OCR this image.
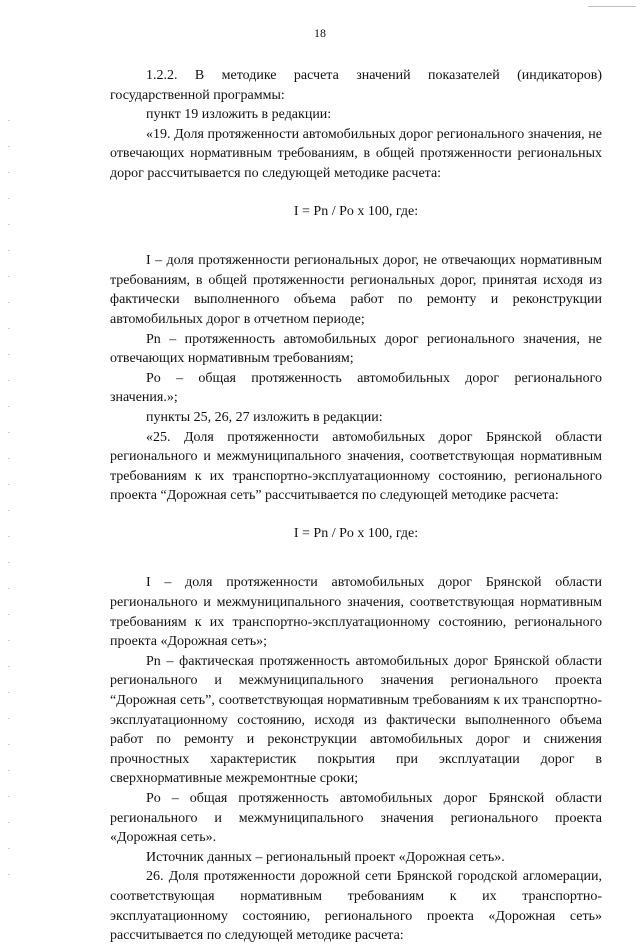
18

1.2.2. В методике расчета значений показателей (индикаторов) государственной программы:

пункт 19 изложить в редакции:

«19. Доля протяженности автомобильных дорог регионального значения, не отвечающих нормативным требованиям, в общей протяженности региональных дорог рассчитывается по следующей методике расчета:

I = Pn / Po x 100, где:

I – доля протяженности региональных дорог, не отвечающих нормативным требованиям, в общей протяженности региональных дорог, принятая исходя из фактически выполненного объема работ по ремонту и реконструкции автомобильных дорог в отчетном периоде;

Pn – протяженность автомобильных дорог регионального значения, не отвечающих нормативным требованиям;

Po – общая протяженность автомобильных дорог регионального значения.»;

пункты 25, 26, 27 изложить в редакции:

«25. Доля протяженности автомобильных дорог Брянской области регионального и межмуниципального значения, соответствующая нормативным требованиям к их транспортно-эксплуатационному состоянию, регионального проекта “Дорожная сеть” рассчитывается по следующей методике расчета:

I = Pn / Po x 100, где:

I – доля протяженности автомобильных дорог Брянской области регионального и межмуниципального значения, соответствующая нормативным требованиям к их транспортно-эксплуатационному состоянию, регионального проекта «Дорожная сеть»;

Pn – фактическая протяженность автомобильных дорог Брянской области регионального и межмуниципального значения регионального проекта “Дорожная сеть”, соответствующая нормативным требованиям к их транспортно-эксплуатационному состоянию, исходя из фактически выполненного объема работ по ремонту и реконструкции автомобильных дорог и снижения прочностных характеристик покрытия при эксплуатации дорог в сверхнормативные межремонтные сроки;

Po – общая протяженность автомобильных дорог Брянской области регионального и межмуниципального значения регионального проекта «Дорожная сеть».

Источник данных – региональный проект «Дорожная сеть».

26. Доля протяженности дорожной сети Брянской городской агломерации, соответствующая нормативным требованиям к их транспортно-эксплуатационному состоянию, регионального проекта «Дорожная сеть» рассчитывается по следующей методике расчета:
